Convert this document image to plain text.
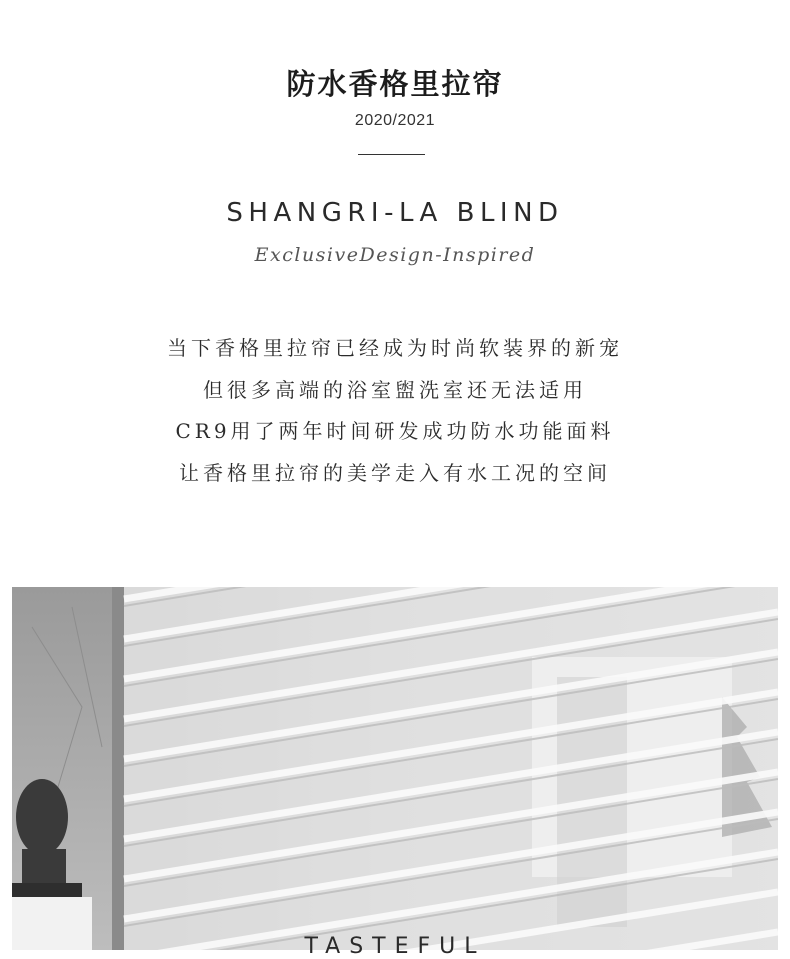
防水香格里拉帘
2020/2021
SHANGRI-LA BLIND
ExclusiveDesign-Inspired
当下香格里拉帘已经成为时尚软装界的新宠
但很多高端的浴室盥洗室还无法适用
CR9用了两年时间研发成功防水功能面料
让香格里拉帘的美学走入有水工况的空间
TASTEFUL
